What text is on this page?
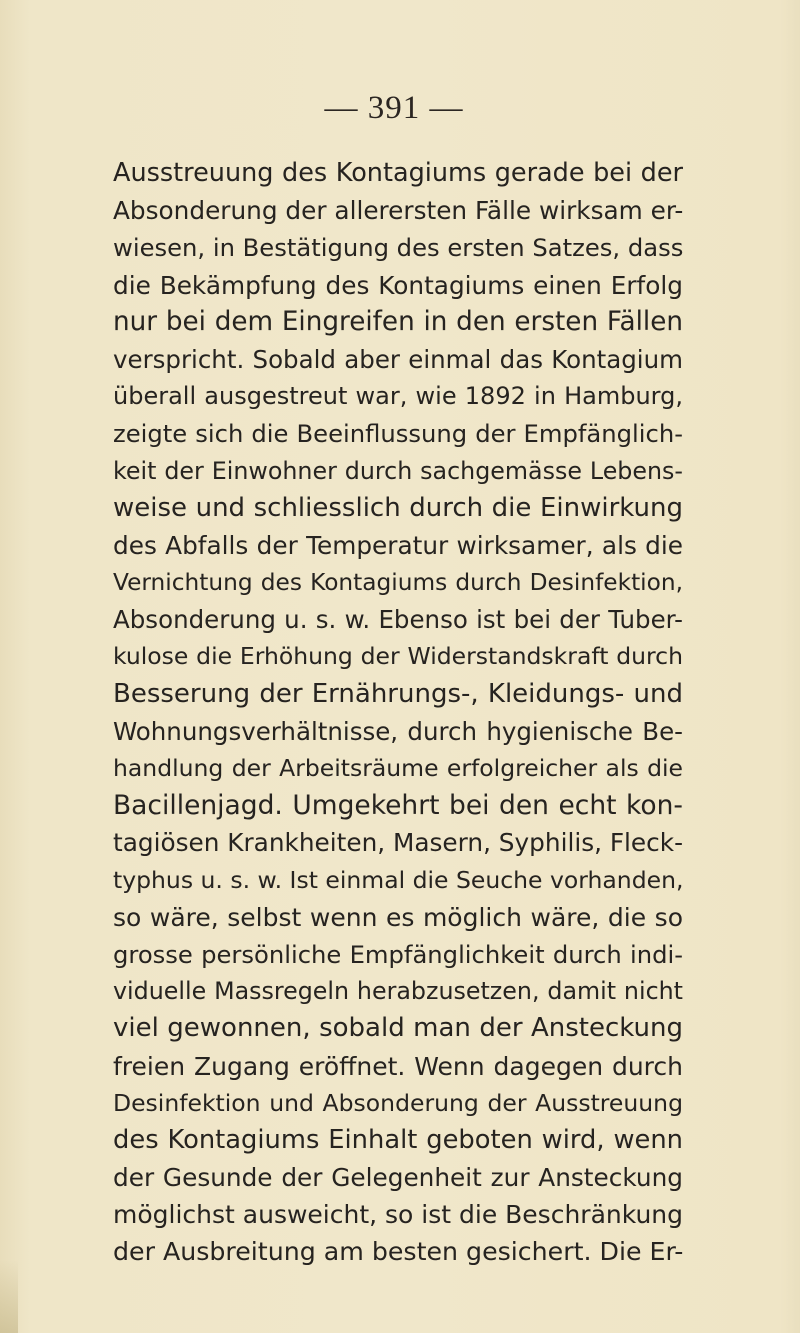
— 391 —
Ausstreuung des Kontagiums gerade bei der
Absonderung der allerersten Fälle wirksam er-
wiesen, in Bestätigung des ersten Satzes, dass
die Bekämpfung des Kontagiums einen Erfolg
nur bei dem Eingreifen in den ersten Fällen
verspricht. Sobald aber einmal das Kontagium
überall ausgestreut war, wie 1892 in Hamburg,
zeigte sich die Beeinflussung der Empfänglich-
keit der Einwohner durch sachgemässe Lebens-
weise und schliesslich durch die Einwirkung
des Abfalls der Temperatur wirksamer, als die
Vernichtung des Kontagiums durch Desinfektion,
Absonderung u. s. w. Ebenso ist bei der Tuber-
kulose die Erhöhung der Widerstandskraft durch
Besserung der Ernährungs-, Kleidungs- und
Wohnungsverhältnisse, durch hygienische Be-
handlung der Arbeitsräume erfolgreicher als die
Bacillenjagd. Umgekehrt bei den echt kon-
tagiösen Krankheiten, Masern, Syphilis, Fleck-
typhus u. s. w. Ist einmal die Seuche vorhanden,
so wäre, selbst wenn es möglich wäre, die so
grosse persönliche Empfänglichkeit durch indi-
viduelle Massregeln herabzusetzen, damit nicht
viel gewonnen, sobald man der Ansteckung
freien Zugang eröffnet. Wenn dagegen durch
Desinfektion und Absonderung der Ausstreuung
des Kontagiums Einhalt geboten wird, wenn
der Gesunde der Gelegenheit zur Ansteckung
möglichst ausweicht, so ist die Beschränkung
der Ausbreitung am besten gesichert. Die Er-
